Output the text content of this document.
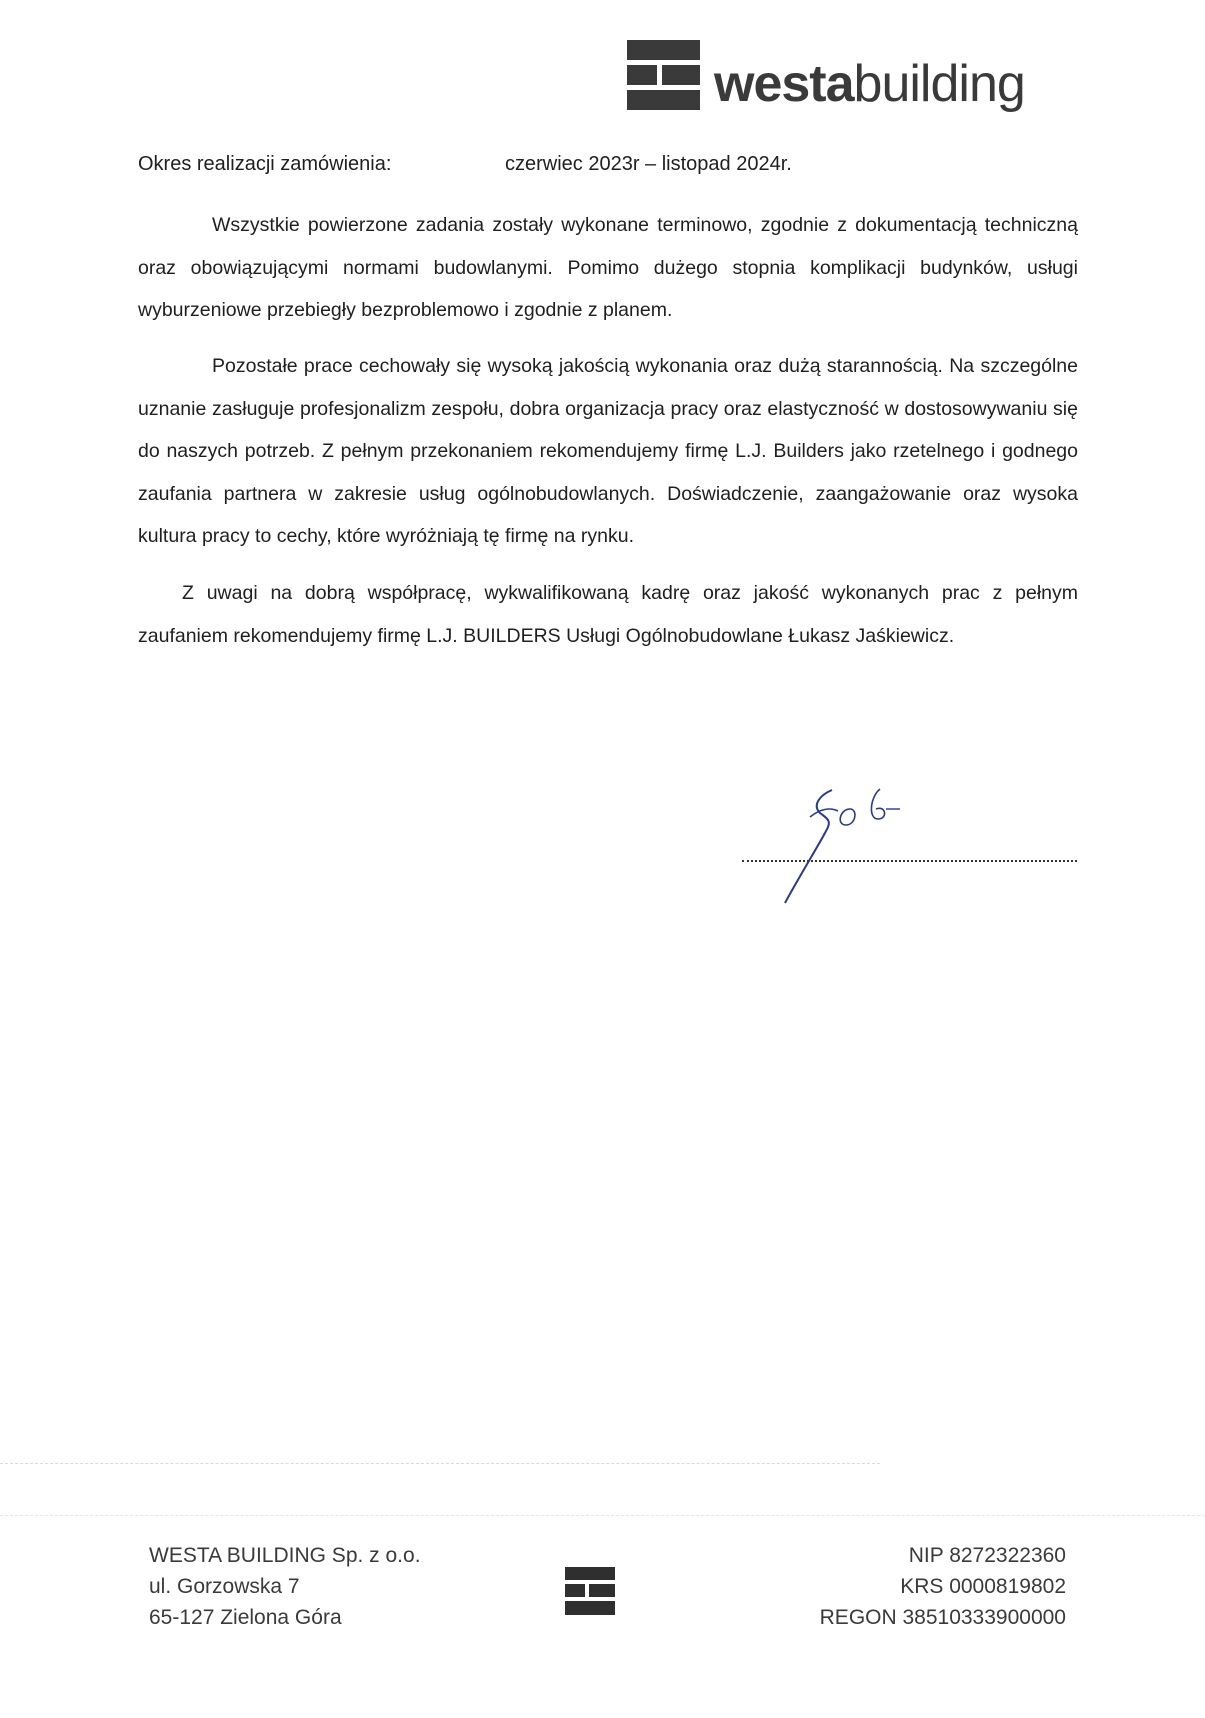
westabuilding
Okres realizacji zamówienia:	czerwiec 2023r – listopad 2024r.

Wszystkie powierzone zadania zostały wykonane terminowo, zgodnie z dokumentacją techniczną oraz obowiązującymi normami budowlanymi. Pomimo dużego stopnia komplikacji budynków, usługi wyburzeniowe przebiegły bezproblemowo i zgodnie z planem.

Pozostałe prace cechowały się wysoką jakością wykonania oraz dużą starannością. Na szczególne uznanie zasługuje profesjonalizm zespołu, dobra organizacja pracy oraz elastyczność w dostosowywaniu się do naszych potrzeb. Z pełnym przekonaniem rekomendujemy firmę L.J. Builders jako rzetelnego i godnego zaufania partnera w zakresie usług ogólnobudowlanych. Doświadczenie, zaangażowanie oraz wysoka kultura pracy to cechy, które wyróżniają tę firmę na rynku.

Z uwagi na dobrą współpracę, wykwalifikowaną kadrę oraz jakość wykonanych prac z pełnym zaufaniem rekomendujemy firmę L.J. BUILDERS Usługi Ogólnobudowlane Łukasz Jaśkiewicz.

WESTA BUILDING Sp. z o.o.
ul. Gorzowska 7
65-127 Zielona Góra
NIP 8272322360
KRS 0000819802
REGON 38510333900000
